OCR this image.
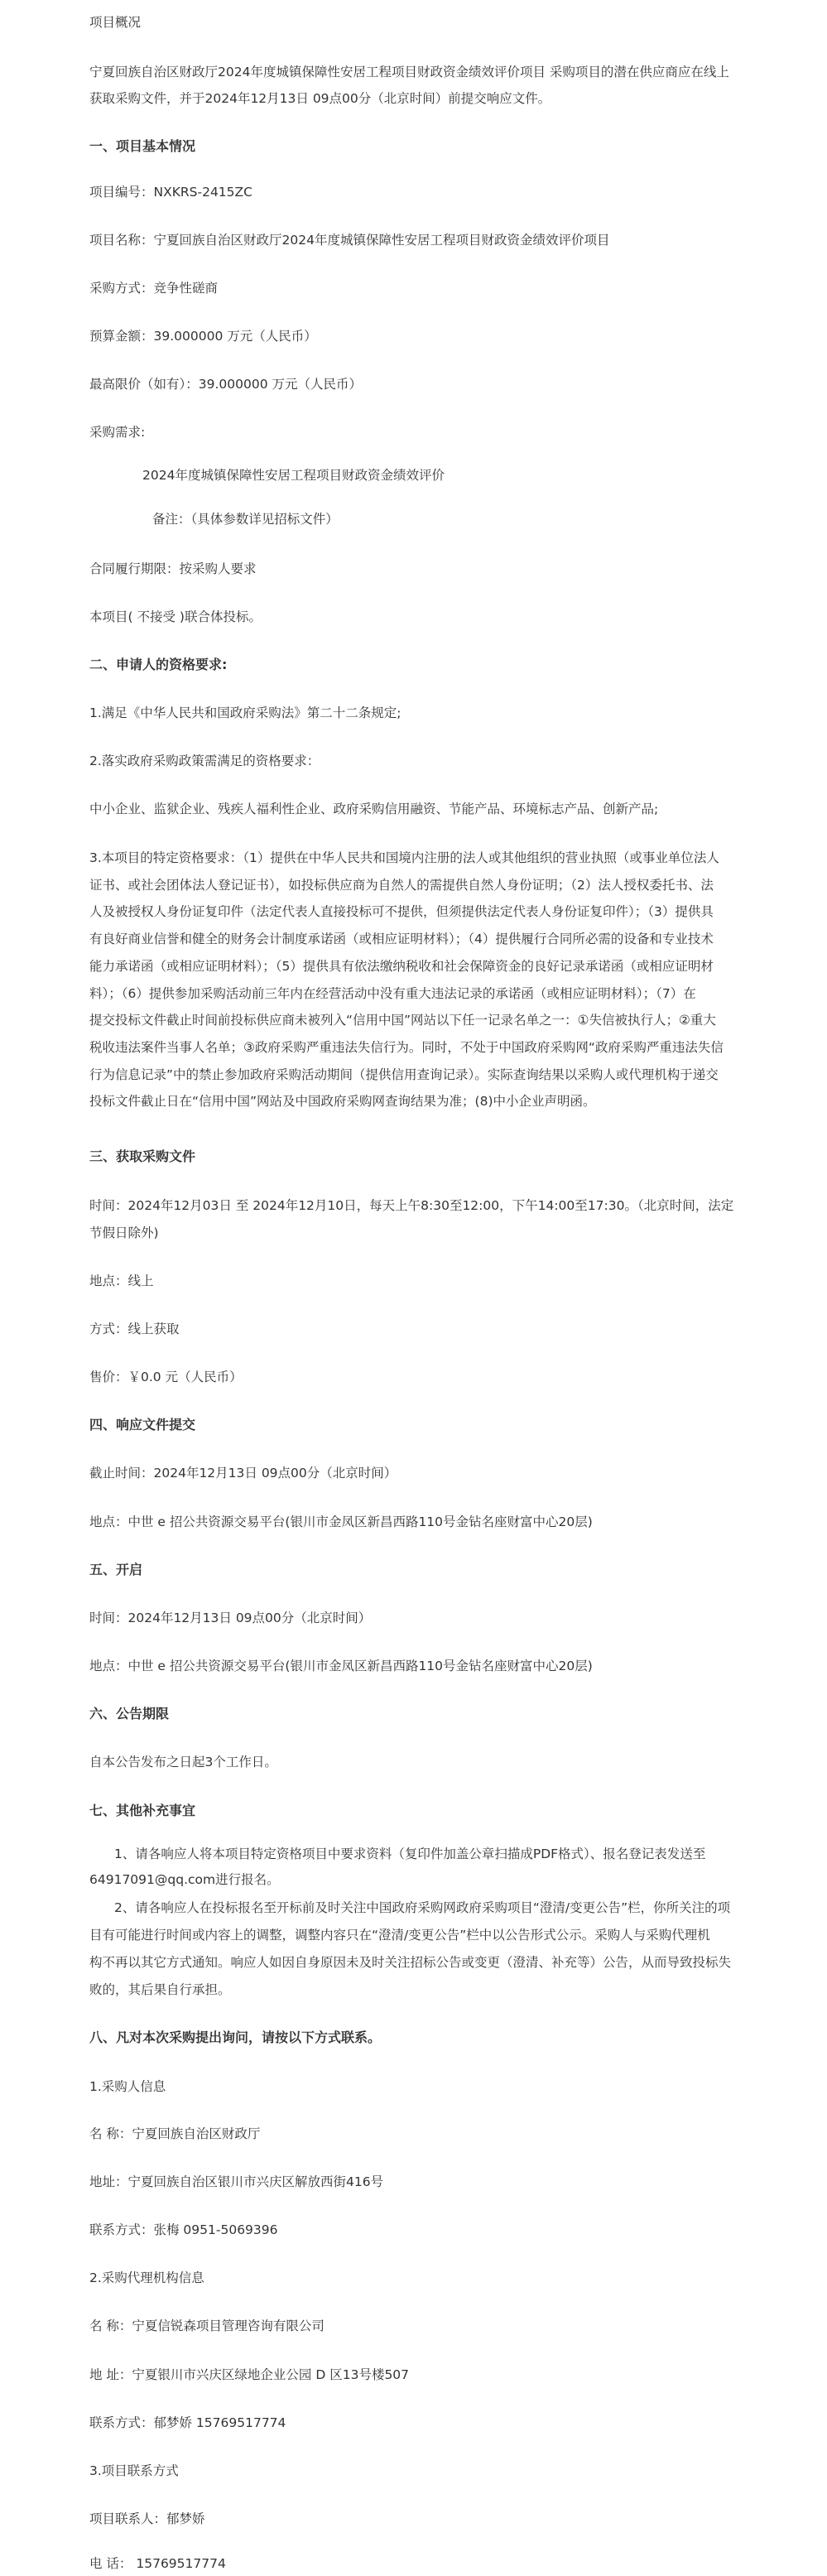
项目概况
宁夏回族自治区财政厅2024年度城镇保障性安居工程项目财政资金绩效评价项目 采购项目的潜在供应商应在线上
获取采购文件，并于2024年12月13日 09点00分（北京时间）前提交响应文件。
一、项目基本情况
项目编号：NXKRS-2415ZC
项目名称：宁夏回族自治区财政厅2024年度城镇保障性安居工程项目财政资金绩效评价项目
采购方式：竞争性磋商
预算金额：39.000000 万元（人民币）
最高限价（如有）：39.000000 万元（人民币）
采购需求:
2024年度城镇保障性安居工程项目财政资金绩效评价
备注：（具体参数详见招标文件）
合同履行期限：按采购人要求
本项目( 不接受 )联合体投标。
二、申请人的资格要求:
1.满足《中华人民共和国政府采购法》第二十二条规定;
2.落实政府采购政策需满足的资格要求：
中小企业、监狱企业、残疾人福利性企业、政府采购信用融资、节能产品、环境标志产品、创新产品;
3.本项目的特定资格要求：（1）提供在中华人民共和国境内注册的法人或其他组织的营业执照（或事业单位法人
证书、或社会团体法人登记证书），如投标供应商为自然人的需提供自然人身份证明；（2）法人授权委托书、法
人及被授权人身份证复印件（法定代表人直接投标可不提供，但须提供法定代表人身份证复印件）；（3）提供具
有良好商业信誉和健全的财务会计制度承诺函（或相应证明材料）；（4）提供履行合同所必需的设备和专业技术
能力承诺函（或相应证明材料）；（5）提供具有依法缴纳税收和社会保障资金的良好记录承诺函（或相应证明材
料）；（6）提供参加采购活动前三年内在经营活动中没有重大违法记录的承诺函（或相应证明材料）；（7）在
提交投标文件截止时间前投标供应商未被列入“信用中国”网站以下任一记录名单之一：①失信被执行人；②重大
税收违法案件当事人名单；③政府采购严重违法失信行为。同时，不处于中国政府采购网“政府采购严重违法失信
行为信息记录”中的禁止参加政府采购活动期间（提供信用查询记录）。实际查询结果以采购人或代理机构于递交
投标文件截止日在“信用中国”网站及中国政府采购网查询结果为准；(8)中小企业声明函。
三、获取采购文件
时间：2024年12月03日 至 2024年12月10日，每天上午8:30至12:00，下午14:00至17:30。（北京时间，法定
节假日除外)
地点：线上
方式：线上获取
售价：￥0.0 元（人民币）
四、响应文件提交
截止时间：2024年12月13日 09点00分（北京时间）
地点：中世 e 招公共资源交易平台(银川市金凤区新昌西路110号金钻名座财富中心20层)
五、开启
时间：2024年12月13日 09点00分（北京时间）
地点：中世 e 招公共资源交易平台(银川市金凤区新昌西路110号金钻名座财富中心20层)
六、公告期限
自本公告发布之日起3个工作日。
七、其他补充事宜
1、请各响应人将本项目特定资格项目中要求资料（复印件加盖公章扫描成PDF格式）、报名登记表发送至
64917091@qq.com进行报名。
2、请各响应人在投标报名至开标前及时关注中国政府采购网政府采购项目“澄清/变更公告”栏，你所关注的项
目有可能进行时间或内容上的调整，调整内容只在“澄清/变更公告”栏中以公告形式公示。采购人与采购代理机
构不再以其它方式通知。响应人如因自身原因未及时关注招标公告或变更（澄清、补充等）公告，从而导致投标失
败的，其后果自行承担。
八、凡对本次采购提出询问，请按以下方式联系。
1.采购人信息
名 称：宁夏回族自治区财政厅
地址：宁夏回族自治区银川市兴庆区解放西街416号
联系方式：张梅 0951-5069396
2.采购代理机构信息
名 称：宁夏信锐森项目管理咨询有限公司
地 址：宁夏银川市兴庆区绿地企业公园 D 区13号楼507
联系方式：郁梦娇 15769517774
3.项目联系方式
项目联系人：郁梦娇
电 话： 15769517774
